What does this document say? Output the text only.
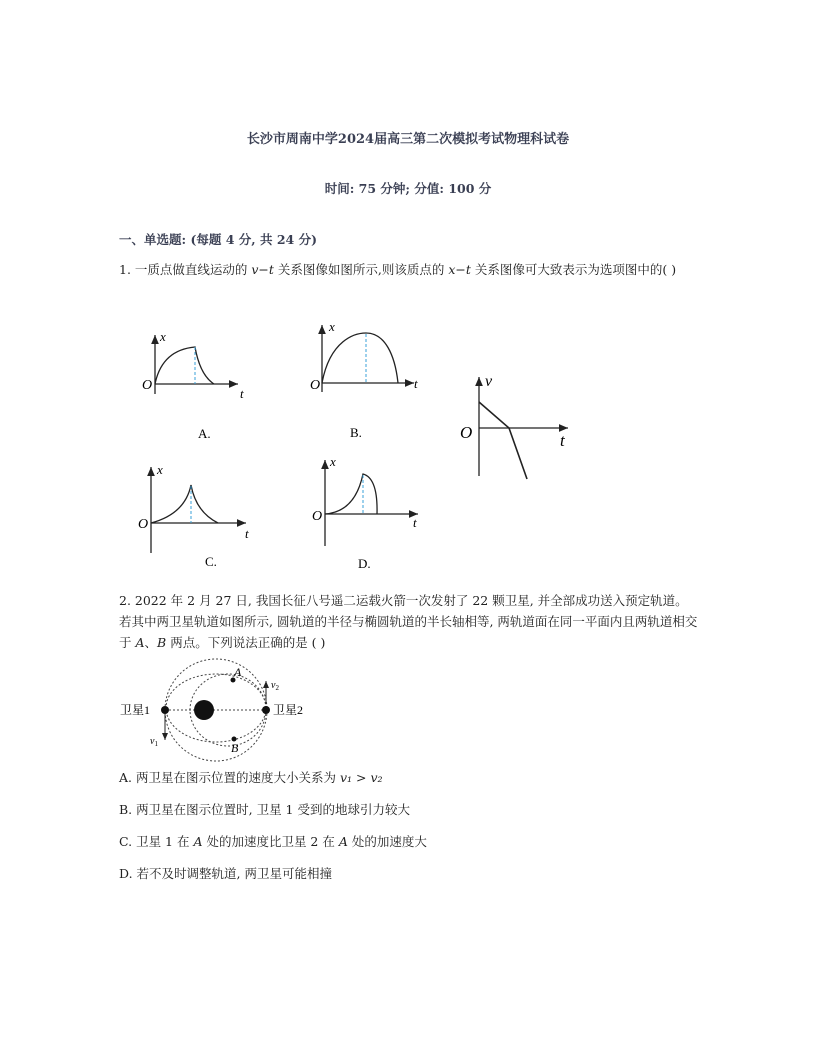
长沙市周南中学2024届高三第二次模拟考试物理科试卷
时间: 75 分钟; 分值: 100 分
一、单选题: (每题 4 分, 共 24 分)
1. 一质点做直线运动的 v−t 关系图像如图所示,则该质点的 x−t 关系图像可大致表示为选项图中的( )
x
O
t
A.
x
O	t
B.
v
O	t
x
O
t
C.
x
O	t
D.
卫星1	卫星2
A
B
$v_1$
$v_2$
2. 2022 年 2 月 27 日, 我国长征八号遥二运载火箭一次发射了 22 颗卫星, 并全部成功送入预定轨道。若其中两卫星轨道如图所示, 圆轨道的半径与椭圆轨道的半长轴相等, 两轨道面在同一平面内且两轨道相交于 A、B 两点。下列说法正确的是 ( )
A. 两卫星在图示位置的速度大小关系为 v₁ > v₂
B. 两卫星在图示位置时, 卫星 1 受到的地球引力较大
C. 卫星 1 在 A 处的加速度比卫星 2 在 A 处的加速度大
D. 若不及时调整轨道, 两卫星可能相撞
